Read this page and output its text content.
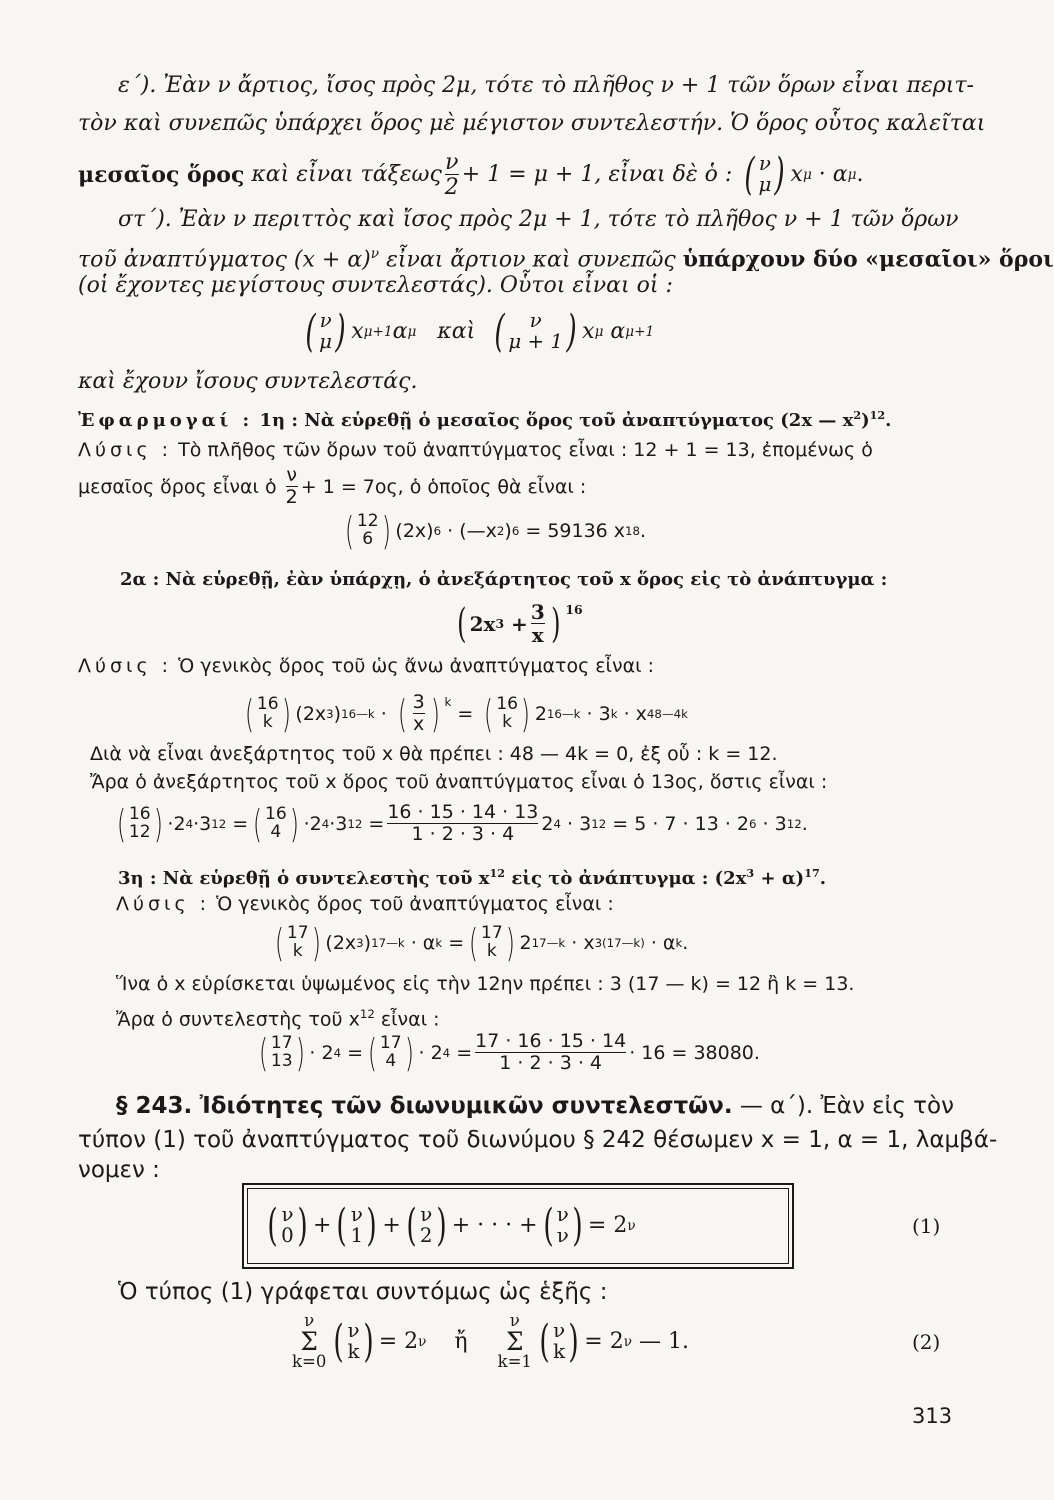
ε΄). Ἐὰν ν ἄρτιος, ἴσος πρὸς 2μ, τότε τὸ πλῆθος ν + 1 τῶν ὅρων εἶναι περιτ-
τὸν καὶ συνεπῶς ὑπάρχει ὅρος μὲ μέγιστον συντελεστήν. Ὁ ὅρος οὗτος καλεῖται
μεσαῖος ὅρος
καὶ εἶναι τάξεως $\frac{\nu}{2} + 1 = \mu + 1$, εἶναι δὲ ὁ :
( ν
μ ) x μ
· α μ .
στ΄). Ἐὰν ν περιττὸς καὶ ἴσος πρὸς 2μ + 1, τότε τὸ πλῆθος ν + 1 τῶν ὅρων
τοῦ ἀναπτύγματος $(x + \alpha)^\nu$ εἶναι ἄρτιον καὶ συνεπῶς ὑπάρχουν δύο «μεσαῖοι» ὅροι
(οἱ ἔχοντες μεγίστους συντελεστάς). Οὗτοι εἶναι οἱ :
( ν
μ ) x μ+1 α μ
καὶ
( ν
μ + 1 ) x μ
α μ+1
καὶ ἔχουν ἴσους συντελεστάς.
Ἐφαρμογαί : 1η : Νὰ εὑρεθῇ ὁ μεσαῖος ὅρος τοῦ ἀναπτύγματος (2x — $x^2)^{12}$.
Λύσις : Τὸ πλῆθος τῶν ὅρων τοῦ ἀναπτύγματος εἶναι : 12 + 1 = 13, ἐπομένως ὁ
μεσαῖος ὅρος εἶναι ὁ
$\frac{\nu}{2} + 1 = 7o\varsigma$, ὁ ὁποῖος θὰ εἶναι :
( 12
6 ) (2x) 6
· (—x 2 ) 6
= 59136 x 18 .
2α : Νὰ εὑρεθῇ, ἐὰν ὑπάρχῃ, ὁ ἀνεξάρτητος τοῦ x ὅρος εἰς τὸ ἀνάπτυγμα :
( 2x 3
+ $\frac{3}{x}$ ) $^{16}$
Λύσις : Ὁ γενικὸς ὅρος τοῦ ὡς ἄνω ἀναπτύγματος εἶναι :
( 16
k ) (2x 3 ) 16—k
·
( $\frac{3}{x}$ ) $^k$

=
( 16
k ) 2 16—k
· 3 k
· x 48—4k
Διὰ νὰ εἶναι ἀνεξάρτητος τοῦ x θὰ πρέπει : 48 — 4k = 0, ἐξ οὗ : k = 12.
Ἄρα ὁ ἀνεξάρτητος τοῦ x ὅρος τοῦ ἀναπτύγματος εἶναι ὁ 13ος, ὅστις εἶναι :
( 16
12 ) ·2 4 ·3 12
= ( 16
4 ) ·2 4 ·3 12
= $\frac{16 \cdot 15 \cdot 14 \cdot 13}{1 \cdot 2 \cdot 3 \cdot 4} 2$ 4
· 3 12
= 5 · 7 · 13 · 2 6
· 3 12 .
3η : Νὰ εὑρεθῇ ὁ συντελεστὴς τοῦ $x^{12}$ εἰς τὸ ἀνάπτυγμα : $(2x^3 + \alpha)^{17}$.
Λύσις : Ὁ γενικὸς ὅρος τοῦ ἀναπτύγματος εἶναι :
( 17
k ) (2x 3 ) 17—k
· α k
= ( 17
k ) 2 17—k
· x 3(17—k)
· α k .
Ἵνα ὁ x εὑρίσκεται ὑψωμένος εἰς τὴν 12ην πρέπει : 3 (17 — k) = 12 ἢ k = 13.
Ἄρα ὁ συντελεστὴς τοῦ $x^{12}$ εἶναι :
( 17
13 ) · 2 4
= ( 17
4 ) · 2 4
= $\frac{17 \cdot 16 \cdot 15 \cdot 14}{1 \cdot 2 \cdot 3 \cdot 4} \cdot 16 = 38080$.
§ 243. Ἰδιότητες τῶν διωνυμικῶν συντελεστῶν. — α΄). Ἐὰν εἰς τὸν
τύπον (1) τοῦ ἀναπτύγματος τοῦ διωνύμου § 242 θέσωμεν x = 1, α = 1, λαμβά-
νομεν :
( ν
0 ) + ( ν
1 ) + ( ν
2 ) + · · · + ( ν
ν ) = 2 ν	(1)
Ὁ τύπος (1) γράφεται συντόμως ὡς ἑξῆς :
ν
Σ
k=0 ( ν
k ) = 2 ν
ἤ

ν
Σ
k=1 ( ν
k ) = 2 ν
— 1.	(2)
313
